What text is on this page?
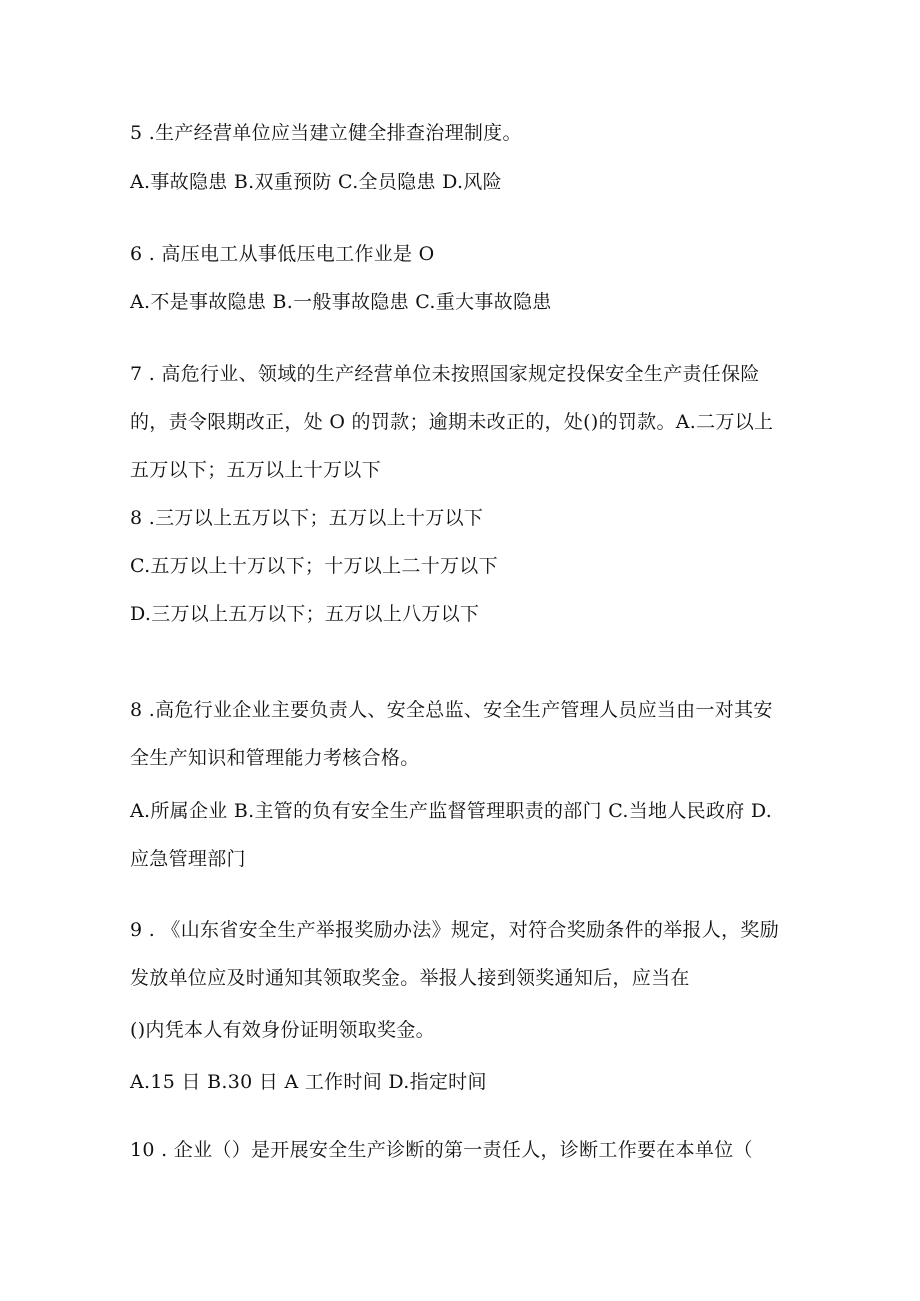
5 .生产经营单位应当建立健全排查治理制度。
A.事故隐患 B.双重预防 C.全员隐患 D.风险
6 . 高压电工从事低压电工作业是 O
A.不是事故隐患 B.一般事故隐患 C.重大事故隐患
7 . 高危行业、领域的生产经营单位未按照国家规定投保安全生产责任保险
的，责令限期改正，处 O 的罚款；逾期未改正的，处()的罚款。A.二万以上
五万以下；五万以上十万以下
8 .三万以上五万以下；五万以上十万以下
C.五万以上十万以下；十万以上二十万以下
D.三万以上五万以下；五万以上八万以下
8 .高危行业企业主要负责人、安全总监、安全生产管理人员应当由一对其安
全生产知识和管理能力考核合格。
A.所属企业 B.主管的负有安全生产监督管理职责的部门 C.当地人民政府 D.
应急管理部门
9 . 《山东省安全生产举报奖励办法》规定，对符合奖励条件的举报人，奖励
发放单位应及时通知其领取奖金。举报人接到领奖通知后，应当在
()内凭本人有效身份证明领取奖金。
A.15 日 B.30 日 A 工作时间 D.指定时间
10 . 企业（）是开展安全生产诊断的第一责任人，诊断工作要在本单位（
